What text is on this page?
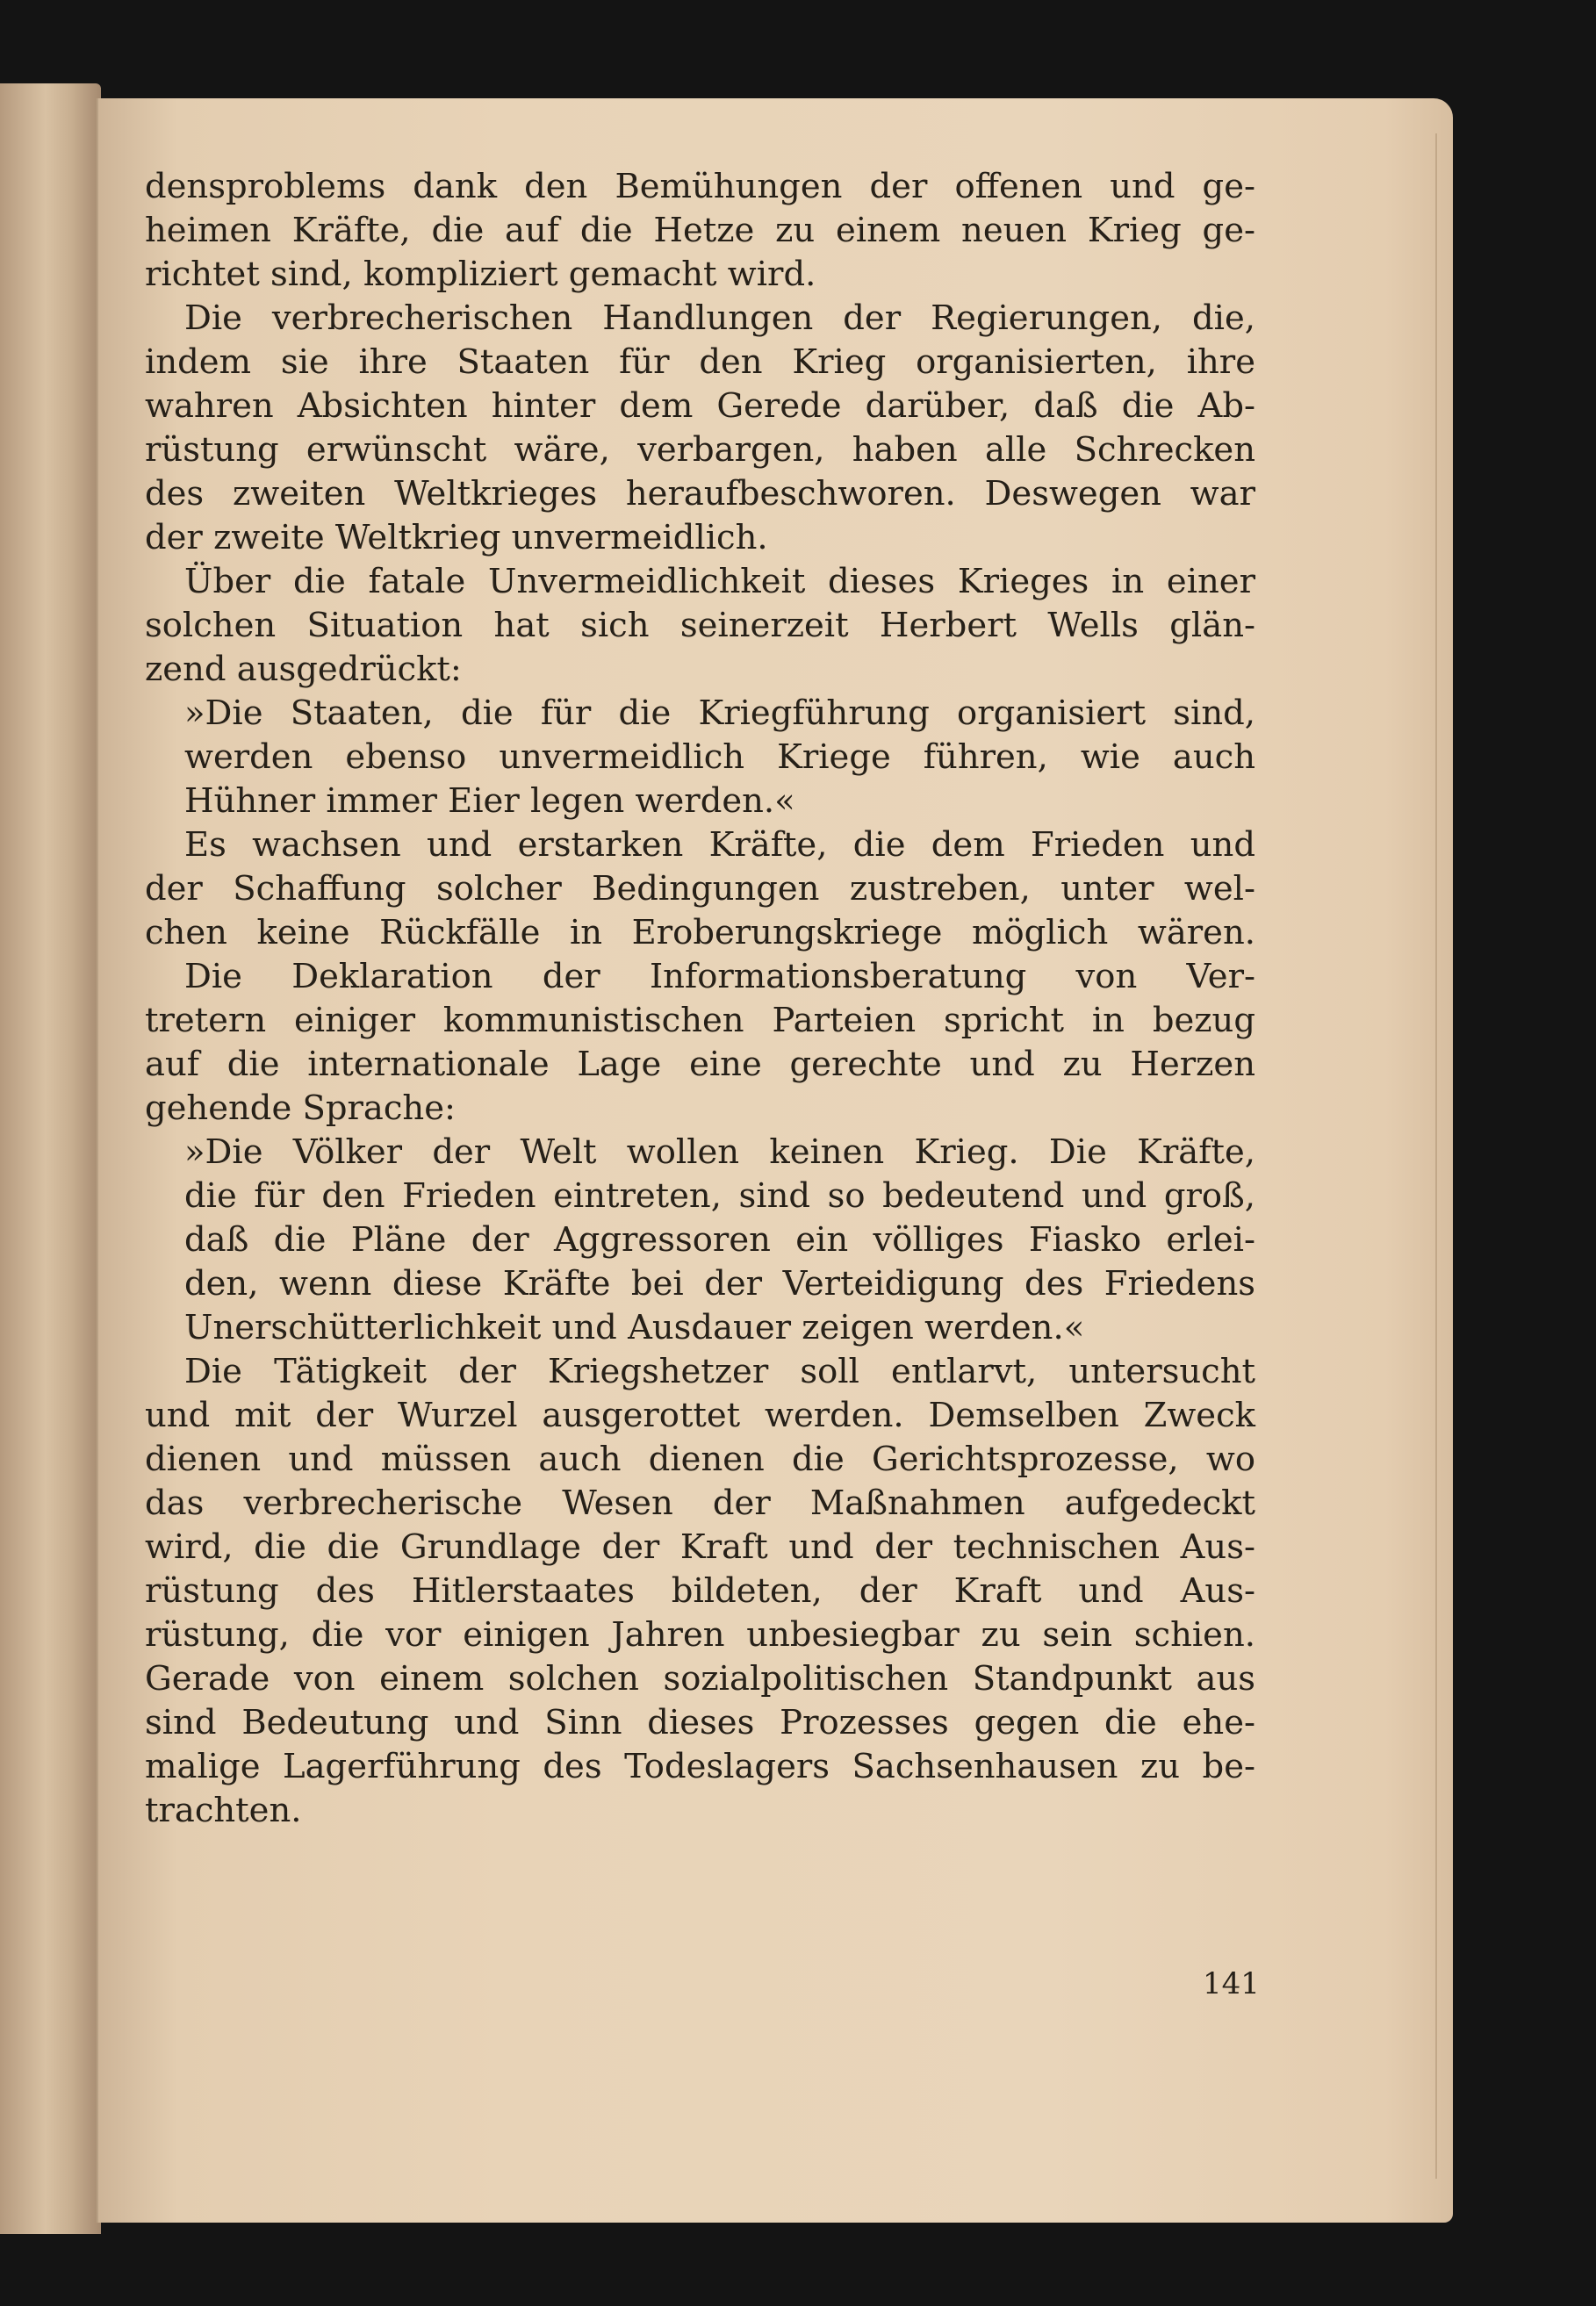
densproblems dank den Bemühungen der offenen und ge-
heimen Kräfte, die auf die Hetze zu einem neuen Krieg ge-
richtet sind, kompliziert gemacht wird.
Die verbrecherischen Handlungen der Regierungen, die,
indem sie ihre Staaten für den Krieg organisierten, ihre
wahren Absichten hinter dem Gerede darüber, daß die Ab-
rüstung erwünscht wäre, verbargen, haben alle Schrecken
des zweiten Weltkrieges heraufbeschworen. Deswegen war
der zweite Weltkrieg unvermeidlich.
Über die fatale Unvermeidlichkeit dieses Krieges in einer
solchen Situation hat sich seinerzeit Herbert Wells glän-
zend ausgedrückt:
»Die Staaten, die für die Kriegführung organisiert sind,
werden ebenso unvermeidlich Kriege führen, wie auch
Hühner immer Eier legen werden.«
Es wachsen und erstarken Kräfte, die dem Frieden und
der Schaffung solcher Bedingungen zustreben, unter wel-
chen keine Rückfälle in Eroberungskriege möglich wären.
Die Deklaration der Informationsberatung von Ver-
tretern einiger kommunistischen Parteien spricht in bezug
auf die internationale Lage eine gerechte und zu Herzen
gehende Sprache:
»Die Völker der Welt wollen keinen Krieg. Die Kräfte,
die für den Frieden eintreten, sind so bedeutend und groß,
daß die Pläne der Aggressoren ein völliges Fiasko erlei-
den, wenn diese Kräfte bei der Verteidigung des Friedens
Unerschütterlichkeit und Ausdauer zeigen werden.«
Die Tätigkeit der Kriegshetzer soll entlarvt, untersucht
und mit der Wurzel ausgerottet werden. Demselben Zweck
dienen und müssen auch dienen die Gerichtsprozesse, wo
das verbrecherische Wesen der Maßnahmen aufgedeckt
wird, die die Grundlage der Kraft und der technischen Aus-
rüstung des Hitlerstaates bildeten, der Kraft und Aus-
rüstung, die vor einigen Jahren unbesiegbar zu sein schien.
Gerade von einem solchen sozialpolitischen Standpunkt aus
sind Bedeutung und Sinn dieses Prozesses gegen die ehe-
malige Lagerführung des Todeslagers Sachsenhausen zu be-
trachten.
141
